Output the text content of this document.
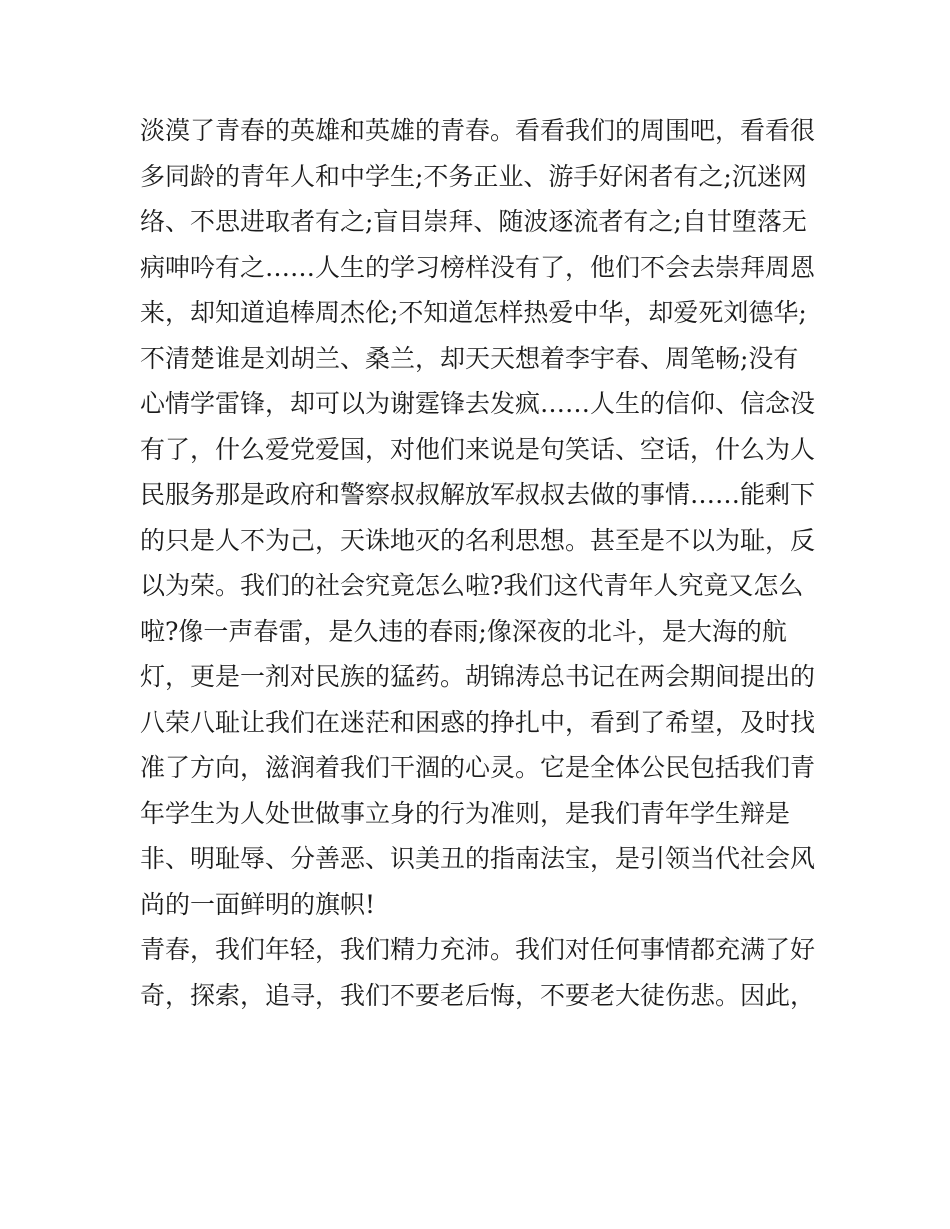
淡漠了青春的英雄和英雄的青春。看看我们的周围吧，看看很
多同龄的青年人和中学生;不务正业、游手好闲者有之;沉迷网
络、不思进取者有之;盲目崇拜、随波逐流者有之;自甘堕落无
病呻吟有之……人生的学习榜样没有了，他们不会去崇拜周恩
来，却知道追棒周杰伦;不知道怎样热爱中华，却爱死刘德华;
不清楚谁是刘胡兰、桑兰，却天天想着李宇春、周笔畅;没有
心情学雷锋，却可以为谢霆锋去发疯……人生的信仰、信念没
有了，什么爱党爱国，对他们来说是句笑话、空话，什么为人
民服务那是政府和警察叔叔解放军叔叔去做的事情……能剩下
的只是人不为己，天诛地灭的名利思想。甚至是不以为耻，反
以为荣。我们的社会究竟怎么啦?我们这代青年人究竟又怎么
啦?像一声春雷，是久违的春雨;像深夜的北斗，是大海的航
灯，更是一剂对民族的猛药。胡锦涛总书记在两会期间提出的
八荣八耻让我们在迷茫和困惑的挣扎中，看到了希望，及时找
准了方向，滋润着我们干涸的心灵。它是全体公民包括我们青
年学生为人处世做事立身的行为准则，是我们青年学生辩是
非、明耻辱、分善恶、识美丑的指南法宝，是引领当代社会风
尚的一面鲜明的旗帜!
青春，我们年轻，我们精力充沛。我们对任何事情都充满了好
奇，探索，追寻，我们不要老后悔，不要老大徒伤悲。因此，
